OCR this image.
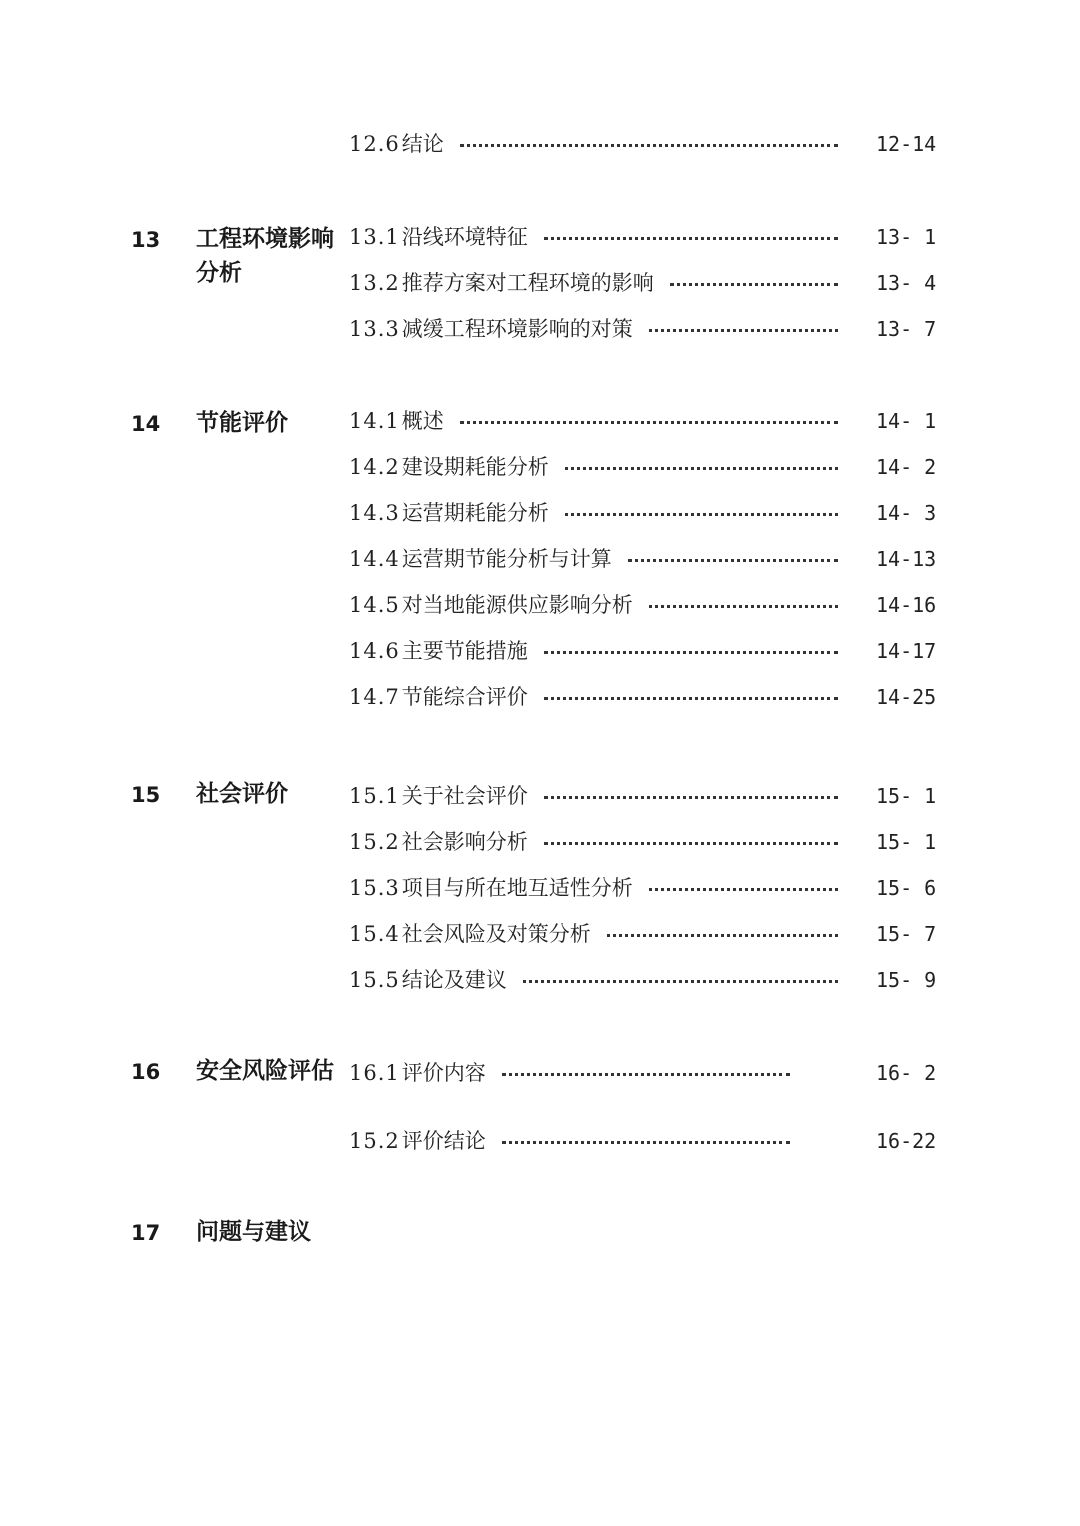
12.6结论	12-14
13 工程环境影响分析
13.1沿线环境特征	13- 1
13.2推荐方案对工程环境的影响	13- 4
13.3减缓工程环境影响的对策	13- 7
14 节能评价	14.1概述	14- 1
14.2建设期耗能分析	14- 2
14.3运营期耗能分析	14- 3
14.4运营期节能分析与计算	14-13
14.5对当地能源供应影响分析	14-16
14.6主要节能措施	14-17
14.7节能综合评价	14-25
15 社会评价	15.1关于社会评价	15- 1
15.2社会影响分析	15- 1
15.3项目与所在地互适性分析	15- 6
15.4社会风险及对策分析	15- 7
15.5结论及建议	15- 9
16 安全风险评估 16.1评价内容	16- 2
15.2评价结论	16-22
17 问题与建议
